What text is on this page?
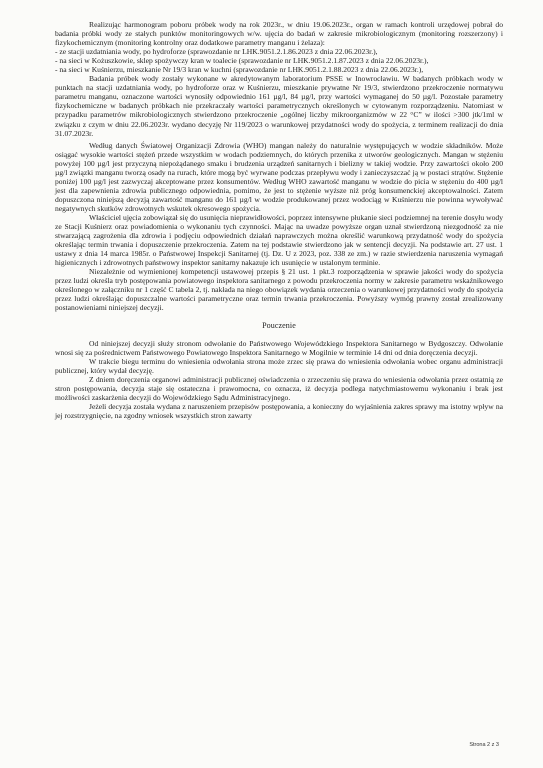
Realizując harmonogram poboru próbek wody na rok 2023r., w dniu 19.06.2023r., organ w ramach kontroli urzędowej pobrał do badania próbki wody ze stałych punktów monitoringowych w/w. ujęcia do badań w zakresie mikrobiologicznym (monitoring rozszerzony) i fizykochemicznym (monitoring kontrolny oraz dodatkowe parametry manganu i żelaza):

- ze stacji uzdatniania wody, po hydroforze (sprawozdanie nr LHK.9051.2.1.86.2023 z dnia 22.06.2023r.),

- na sieci w Kożuszkowie, sklep spożywczy kran w toalecie (sprawozdanie nr LHK.9051.2.1.87.2023 z dnia 22.06.2023r.),

- na sieci w Kuśnierzu, mieszkanie Nr 19/3 kran w kuchni (sprawozdanie nr LHK.9051.2.1.88.2023 z dnia 22.06.2023r.),

Badania próbek wody zostały wykonane w akredytowanym laboratorium PSSE w Inowrocławiu. W badanych próbkach wody w punktach na stacji uzdatniania wody, po hydroforze oraz w Kuśnierzu, mieszkanie prywatne Nr 19/3, stwierdzono przekroczenie normatywu parametru manganu, oznaczone wartości wynosiły odpowiednio 161 µg/l, 84 µg/l, przy wartości wymaganej do 50 µg/l. Pozostałe parametry fizykochemiczne w badanych próbkach nie przekraczały wartości parametrycznych określonych w cytowanym rozporządzeniu. Natomiast w przypadku parametrów mikrobiologicznych stwierdzono przekroczenie „ogólnej liczby mikroorganizmów w 22 °C” w ilości >300 jtk/1ml w związku z czym w dniu 22.06.2023r. wydano decyzję Nr 119/2023 o warunkowej przydatności wody do spożycia, z terminem realizacji do dnia 31.07.2023r.

Według danych Światowej Organizacji Zdrowia (WHO) mangan należy do naturalnie występujących w wodzie składników. Może osiągać wysokie wartości stężeń przede wszystkim w wodach podziemnych, do których przenika z utworów geologicznych. Mangan w stężeniu powyżej 100 µg/l jest przyczyną niepożądanego smaku i brudzenia urządzeń sanitarnych i bielizny w takiej wodzie. Przy zawartości około 200 µg/l związki manganu tworzą osady na rurach, które mogą być wyrwane podczas przepływu wody i zanieczyszczać ją w postaci strątów. Stężenie poniżej 100 µg/l jest zazwyczaj akceptowane przez konsumentów. Według WHO zawartość manganu w wodzie do picia w stężeniu do 400 µg/l jest dla zapewnienia zdrowia publicznego odpowiednia, pomimo, że jest to stężenie wyższe niż próg konsumenckiej akceptowalności. Zatem dopuszczona niniejszą decyzją zawartość manganu do 161 µg/l w wodzie produkowanej przez wodociąg w Kuśnierzu nie powinna wywoływać negatywnych skutków zdrowotnych wskutek okresowego spożycia.

Właściciel ujęcia zobowiązał się do usunięcia nieprawidłowości, poprzez intensywne płukanie sieci podziemnej na terenie dosyłu wody ze Stacji Kuśnierz oraz powiadomienia o wykonaniu tych czynności. Mając na uwadze powyższe organ uznał stwierdzoną niezgodność za nie stwarzającą zagrożenia dla zdrowia i podjęciu odpowiednich działań naprawczych można określić warunkową przydatność wody do spożycia określając termin trwania i dopuszczenie przekroczenia. Zatem na tej podstawie stwierdzono jak w sentencji decyzji. Na podstawie art. 27 ust. 1 ustawy z dnia 14 marca 1985r. o Państwowej Inspekcji Sanitarnej (tj. Dz. U z 2023, poz. 338 ze zm.) w razie stwierdzenia naruszenia wymagań higienicznych i zdrowotnych państwowy inspektor sanitarny nakazuje ich usunięcie w ustalonym terminie.

Niezależnie od wymienionej kompetencji ustawowej przepis § 21 ust. 1 pkt.3 rozporządzenia w sprawie jakości wody do spożycia przez ludzi określa tryb postępowania powiatowego inspektora sanitarnego z powodu przekroczenia normy w zakresie parametru wskaźnikowego określonego w załączniku nr 1 część C tabela 2, tj. nakłada na niego obowiązek wydania orzeczenia o warunkowej przydatności wody do spożycia przez ludzi określając dopuszczalne wartości parametryczne oraz termin trwania przekroczenia. Powyższy wymóg prawny został zrealizowany postanowieniami niniejszej decyzji.

Pouczenie

Od niniejszej decyzji służy stronom odwołanie do Państwowego Wojewódzkiego Inspektora Sanitarnego w Bydgoszczy. Odwołanie wnosi się za pośrednictwem Państwowego Powiatowego Inspektora Sanitarnego w Mogilnie w terminie 14 dni od dnia doręczenia decyzji.

W trakcie biegu terminu do wniesienia odwołania strona może zrzec się prawa do wniesienia odwołania wobec organu administracji publicznej, który wydał decyzję.

Z dniem doręczenia organowi administracji publicznej oświadczenia o zrzeczeniu się prawa do wniesienia odwołania przez ostatnią ze stron postępowania, decyzja staje się ostateczna i prawomocna, co oznacza, iż decyzja podlega natychmiastowemu wykonaniu i brak jest możliwości zaskarżenia decyzji do Wojewódzkiego Sądu Administracyjnego.

Jeżeli decyzja została wydana z naruszeniem przepisów postępowania, a konieczny do wyjaśnienia zakres sprawy ma istotny wpływ na jej rozstrzygnięcie, na zgodny wniosek wszystkich stron zawarty

Strona 2 z 3
